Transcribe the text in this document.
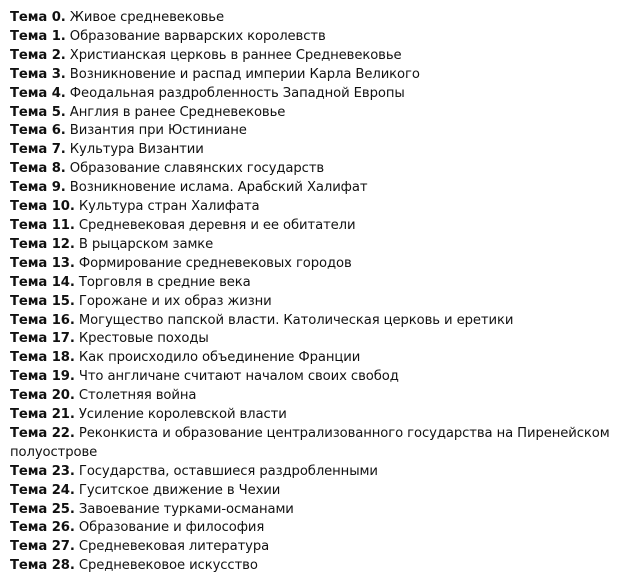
Тема 0. Живое средневековье
Тема 1. Образование варварских королевств
Тема 2. Христианская церковь в раннее Средневековье
Тема 3. Возникновение и распад империи Карла Великого
Тема 4. Феодальная раздробленность Западной Европы
Тема 5. Англия в ранее Средневековье
Тема 6. Византия при Юстиниане
Тема 7. Культура Византии
Тема 8. Образование славянских государств
Тема 9. Возникновение ислама. Арабский Халифат
Тема 10. Культура стран Халифата
Тема 11. Средневековая деревня и ее обитатели
Тема 12. В рыцарском замке
Тема 13. Формирование средневековых городов
Тема 14. Торговля в средние века
Тема 15. Горожане и их образ жизни
Тема 16. Могущество папской власти. Католическая церковь и еретики
Тема 17. Крестовые походы
Тема 18. Как происходило объединение Франции
Тема 19. Что англичане считают началом своих свобод
Тема 20. Столетняя война
Тема 21. Усиление королевской власти
Тема 22. Реконкиста и образование централизованного государства на Пиренейском полуострове
Тема 23. Государства, оставшиеся раздробленными
Тема 24. Гуситское движение в Чехии
Тема 25. Завоевание турками-османами
Тема 26. Образование и философия
Тема 27. Средневековая литература
Тема 28. Средневековое искусство
